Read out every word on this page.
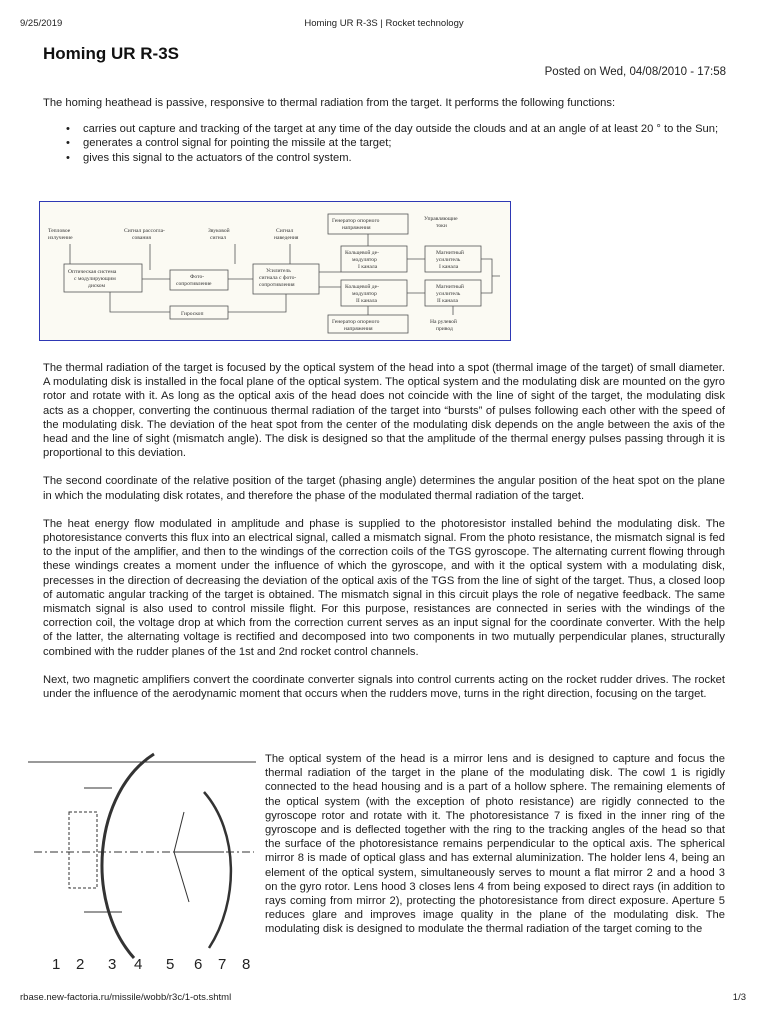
9/25/2019	Homing UR R-3S | Rocket technology
Homing UR R-3S
Posted on Wed, 04/08/2010 - 17:58

The homing heathead is passive, responsive to thermal radiation from the target. It performs the following functions:

• carries out capture and tracking of the target at any time of the day outside the clouds and at an angle of at least 20 ° to the Sun;
• generates a control signal for pointing the missile at the target;
• gives this signal to the actuators of the control system.
Тепловое излучение
Сигнал рассогла-сования
Звуковой сигнал
Сигнал наведения
Генератор опорного напряжения
Управляющие токи
Оптическая система с модулирующим диском
Фото-сопротивление
Усилитель сигнала с фото-сопротивления
Кольцевой де-модулятор I канала
Кольцевой де-модулятор II канала
Магнитный усилитель I канала
Магнитный усилитель II канала
Гироскоп
Генератор опорного напряжения
На рулевой привод

The thermal radiation of the target is focused by the optical system of the head into a spot (thermal image of the target) of small diameter. A modulating disk is installed in the focal plane of the optical system. The optical system and the modulating disk are mounted on the gyro rotor and rotate with it. As long as the optical axis of the head does not coincide with the line of sight of the target, the modulating disk acts as a chopper, converting the continuous thermal radiation of the target into “bursts” of pulses following each other with the speed of the modulating disk. The deviation of the heat spot from the center of the modulating disk depends on the angle between the axis of the head and the line of sight (mismatch angle). The disk is designed so that the amplitude of the thermal energy pulses passing through it is proportional to this deviation.

The second coordinate of the relative position of the target (phasing angle) determines the angular position of the heat spot on the plane in which the modulating disk rotates, and therefore the phase of the modulated thermal radiation of the target.

The heat energy flow modulated in amplitude and phase is supplied to the photoresistor installed behind the modulating disk. The photoresistance converts this flux into an electrical signal, called a mismatch signal. From the photo resistance, the mismatch signal is fed to the input of the amplifier, and then to the windings of the correction coils of the TGS gyroscope. The alternating current flowing through these windings creates a moment under the influence of which the gyroscope, and with it the optical system with a modulating disk, precesses in the direction of decreasing the deviation of the optical axis of the TGS from the line of sight of the target. Thus, a closed loop of automatic angular tracking of the target is obtained. The mismatch signal in this circuit plays the role of negative feedback. The same mismatch signal is also used to control missile flight. For this purpose, resistances are connected in series with the windings of the correction coil, the voltage drop at which from the correction current serves as an input signal for the coordinate converter. With the help of the latter, the alternating voltage is rectified and decomposed into two components in two mutually perpendicular planes, structurally combined with the rudder planes of the 1st and 2nd rocket control channels.

Next, two magnetic amplifiers convert the coordinate converter signals into control currents acting on the rocket rudder drives. The rocket under the influence of the aerodynamic moment that occurs when the rudders move, turns in the right direction, focusing on the target.

1 2 3 4 5 6 7 8

The optical system of the head is a mirror lens and is designed to capture and focus the thermal radiation of the target in the plane of the modulating disk. The cowl 1 is rigidly connected to the head housing and is a part of a hollow sphere. The remaining elements of the optical system (with the exception of photo resistance) are rigidly connected to the gyroscope rotor and rotate with it. The photoresistance 7 is fixed in the inner ring of the gyroscope and is deflected together with the ring to the tracking angles of the head so that the surface of the photoresistance remains perpendicular to the optical axis. The spherical mirror 8 is made of optical glass and has external aluminization. The holder lens 4, being an element of the optical system, simultaneously serves to mount a flat mirror 2 and a hood 3 on the gyro rotor. Lens hood 3 closes lens 4 from being exposed to direct rays (in addition to rays coming from mirror 2), protecting the photoresistance from direct exposure. Aperture 5 reduces glare and improves image quality in the plane of the modulating disk. The modulating disk is designed to modulate the thermal radiation of the target coming to the

rbase.new-factoria.ru/missile/wobb/r3c/1-ots.shtml	1/3
